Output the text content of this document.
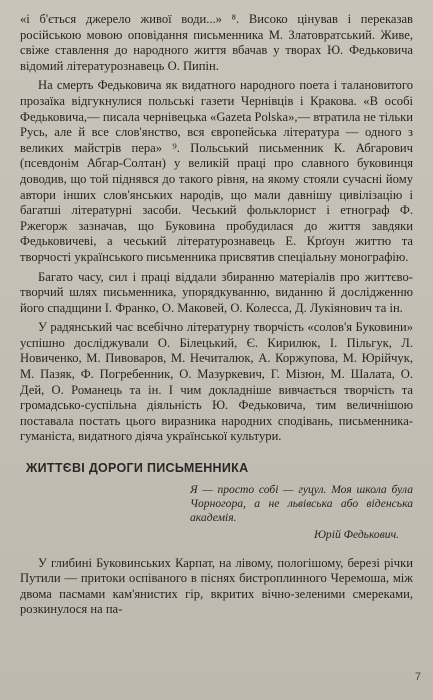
«і б'ється джерело живої води...» ⁸. Високо цінував і переказав російською мовою оповідання письменника М. Златовратський. Живе, свіже ставлення до народного життя вбачав у творах Ю. Федьковича відомий літературознавець О. Пипін.

На смерть Федьковича як видатного народного поета і талановитого прозаїка відгукнулися польські газети Чернівців і Кракова. «В особі Федьковича,— писала чернівецька «Gazeta Polska»,— втратила не тільки Русь, але й все слов'янство, вся європейська література — одного з великих майстрів пера» ⁹. Польський письменник К. Абгарович (псевдонім Абгар-Солтан) у великій праці про славного буковинця доводив, що той піднявся до такого рівня, на якому стояли сучасні йому автори інших слов'янських народів, що мали давнішу цивілізацію і багатші літературні засоби. Чеський фольклорист і етнограф Ф. Ржегорж зазначав, що Буковина пробудилася до життя завдяки Федьковичеві, а чеський літературознавець Е. Крґоун життю та творчості українського письменника присвятив спеціальну монографію.

Багато часу, сил і праці віддали збиранню матеріалів про життєво-творчий шлях письменника, упорядкуванню, виданню й дослідженню його спадщини І. Франко, О. Маковей, О. Колесса, Д. Лукіянович та ін.

У радянський час всебічно літературну творчість «солов'я Буковини» успішно досліджували О. Білецький, Є. Кирилюк, І. Пільгук, Л. Новиченко, М. Пивоваров, М. Нечиталюк, А. Коржупова, М. Юрійчук, М. Пазяк, Ф. Погребенник, О. Мазуркевич, Г. Мізюн, М. Шалата, О. Дей, О. Романець та ін. І чим докладніше вивчається творчість та громадсько-суспільна діяльність Ю. Федьковича, тим величнішою поставала постать цього виразника народних сподівань, письменника-гуманіста, видатного діяча української культури.

ЖИТТЄВІ ДОРОГИ ПИСЬМЕННИКА
Я — просто собі — гуцул. Моя школа була Чорногора, а не львівська або віденська академія.
Юрій Федькович.

У глибині Буковинських Карпат, на лівому, пологішому, березі річки Путили — притоки оспіваного в піснях бистроплинного Черемоша, між двома пасмами кам'янистих гір, вкритих вічно-зеленими смереками, розкинулося на па-

7
